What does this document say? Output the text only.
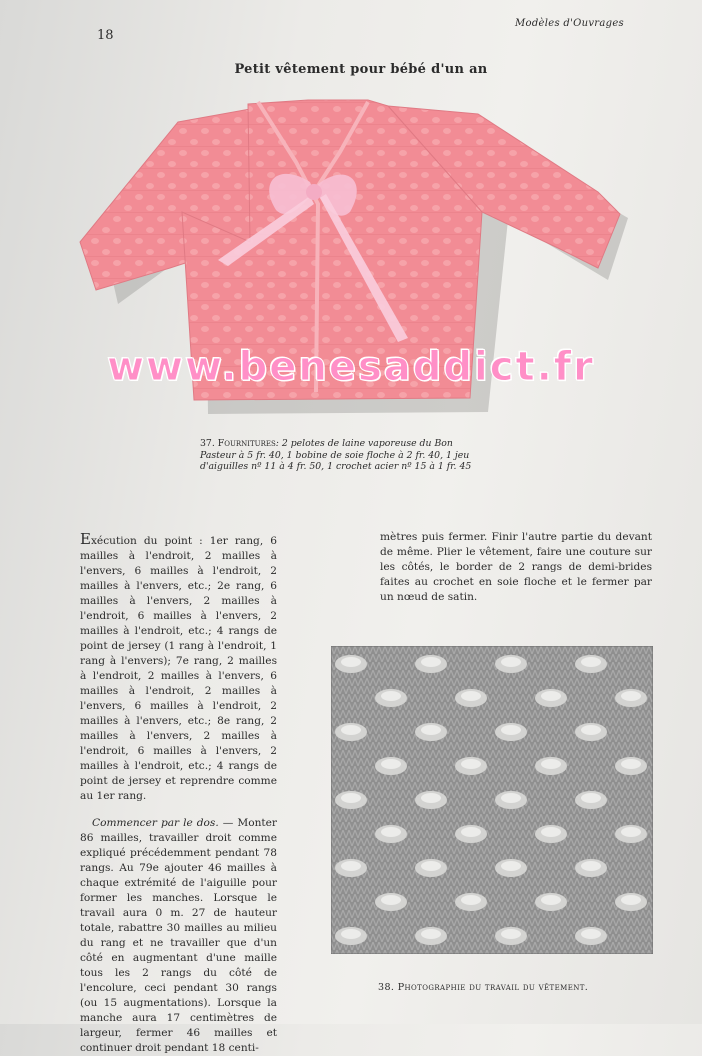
18
Modèles d'Ouvrages
Petit vêtement pour bébé d'un an
www.benesaddict.fr
37. Fournitures: 2 pelotes de laine vaporeuse du Bon Pasteur à 5 fr. 40, 1 bobine de soie floche à 2 fr. 40, 1 jeu d'aiguilles nº 11 à 4 fr. 50, 1 crochet acier nº 15 à 1 fr. 45

Exécution du point : 1er rang, 6 mailles à l'endroit, 2 mailles à l'envers, 6 mailles à l'endroit, 2 mailles à l'envers, etc.; 2e rang, 6 mailles à l'envers, 2 mailles à l'endroit, 6 mailles à l'envers, 2 mailles à l'endroit, etc.; 4 rangs de point de jersey (1 rang à l'endroit, 1 rang à l'envers); 7e rang, 2 mailles à l'endroit, 2 mailles à l'envers, 6 mailles à l'endroit, 2 mailles à l'envers, 6 mailles à l'endroit, 2 mailles à l'envers, etc.; 8e rang, 2 mailles à l'envers, 2 mailles à l'endroit, 6 mailles à l'envers, 2 mailles à l'endroit, etc.; 4 rangs de point de jersey et reprendre comme au 1er rang.

Commencer par le dos. — Monter 86 mailles, travailler droit comme expliqué précédemment pendant 78 rangs. Au 79e ajouter 46 mailles à chaque extrémité de l'aiguille pour former les manches. Lorsque le travail aura 0 m. 27 de hauteur totale, rabattre 30 mailles au milieu du rang et ne travailler que d'un côté en augmentant d'une maille tous les 2 rangs du côté de l'encolure, ceci pendant 30 rangs (ou 15 augmentations). Lorsque la manche aura 17 centimètres de largeur, fermer 46 mailles et continuer droit pendant 18 centi-

mètres puis fermer. Finir l'autre partie du devant de même. Plier le vêtement, faire une couture sur les côtés, le border de 2 rangs de demi-brides faites au crochet en soie floche et le fermer par un nœud de satin.

38. Photographie du travail du vêtement.
